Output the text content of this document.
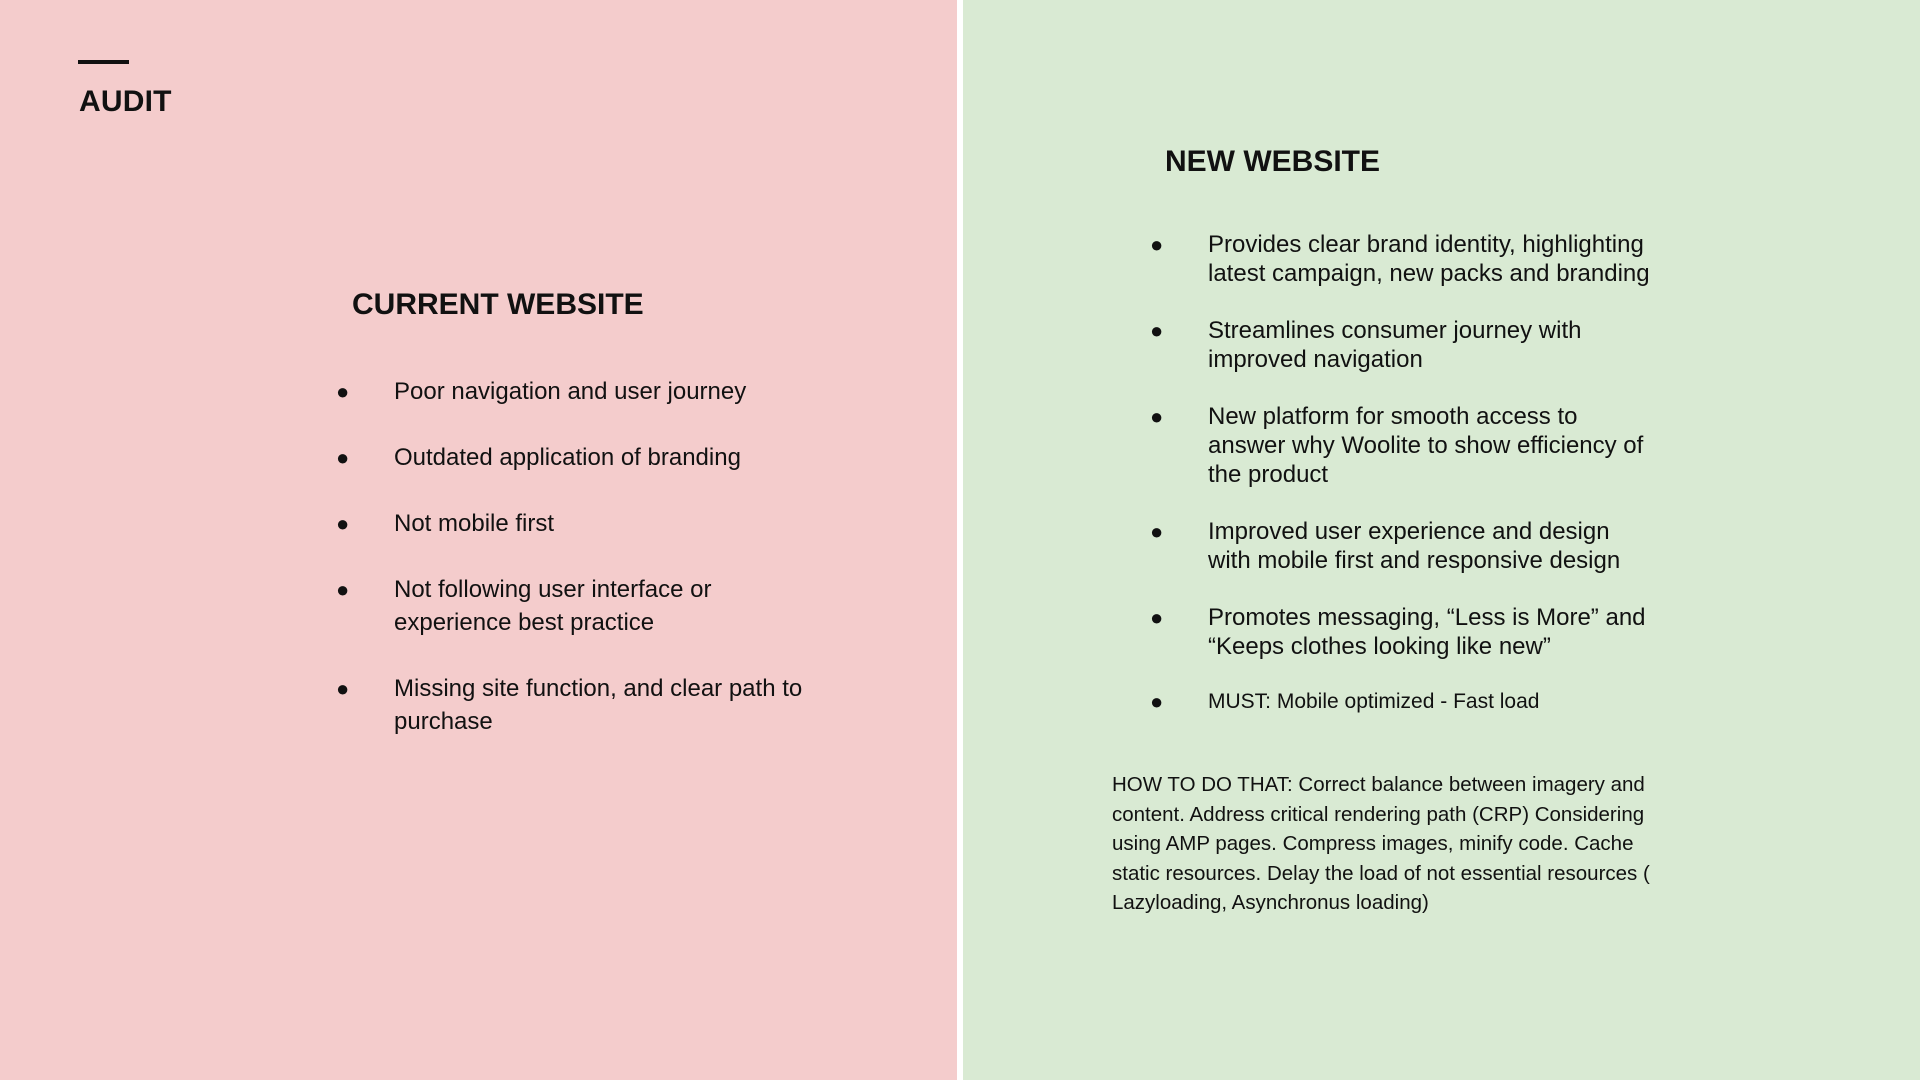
AUDIT
CURRENT WEBSITE
● Poor navigation and user journey
● Outdated application of branding
● Not mobile first
● Not following user interface or experience best practice
● Missing site function, and clear path to purchase
NEW WEBSITE
● Provides clear brand identity, highlighting latest campaign, new packs and branding
● Streamlines consumer journey with improved navigation
● New platform for smooth access to answer why Woolite to show efficiency of the product
● Improved user experience and design with mobile first and responsive design
● Promotes messaging, “Less is More” and “Keeps clothes looking like new”
● MUST: Mobile optimized - Fast load

HOW TO DO THAT: Correct balance between imagery and content. Address critical rendering path (CRP) Considering using AMP pages. Compress images, minify code. Cache static resources. Delay the load of not essential resources ( Lazyloading, Asynchronus loading)
